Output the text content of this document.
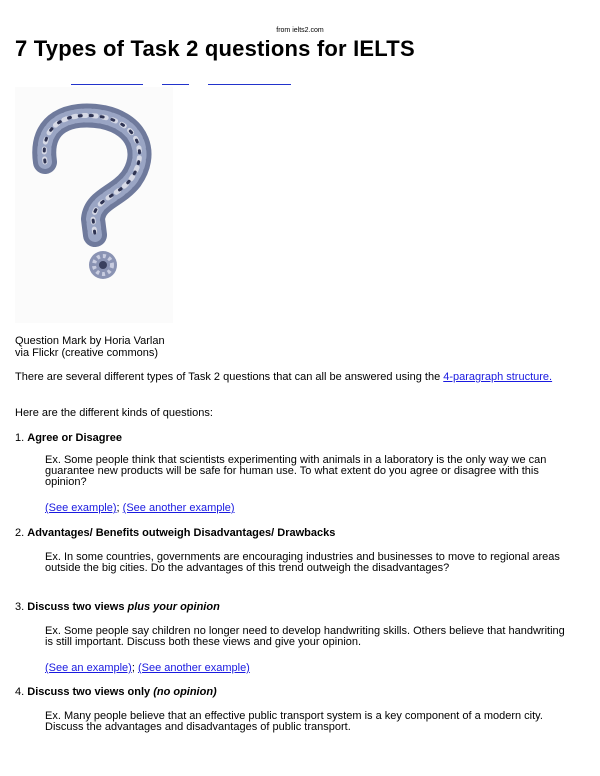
from ielts2.com
7 Types of Task 2 questions for IELTS
Question Mark by Horia Varlan
via Flickr (creative commons)

There are several different types of Task 2 questions that can all be answered using the 4-paragraph structure.

Here are the different kinds of questions:

1. Agree or Disagree

Ex. Some people think that scientists experimenting with animals in a laboratory is the only way we can guarantee new products will be safe for human use. To what extent do you agree or disagree with this opinion?

(See example); (See another example)

2. Advantages/ Benefits outweigh Disadvantages/ Drawbacks

Ex. In some countries, governments are encouraging industries and businesses to move to regional areas outside the big cities. Do the advantages of this trend outweigh the disadvantages?

3. Discuss two views plus your opinion

Ex. Some people say children no longer need to develop handwriting skills. Others believe that handwriting is still important. Discuss both these views and give your opinion.

(See an example); (See another example)

4. Discuss two views only (no opinion)

Ex. Many people believe that an effective public transport system is a key component of a modern city. Discuss the advantages and disadvantages of public transport.
